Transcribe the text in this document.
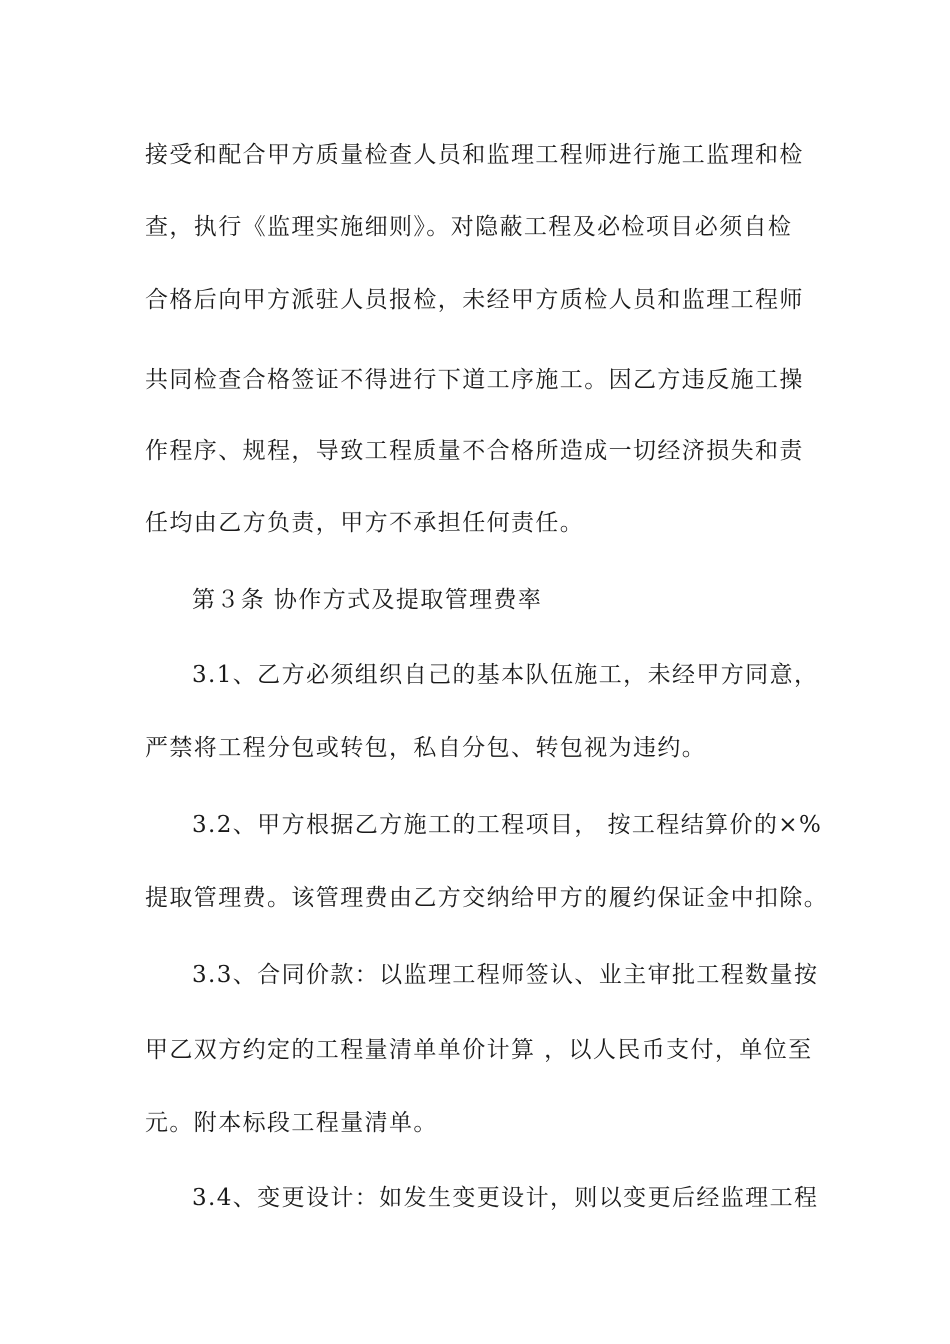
接受和配合甲方质量检查人员和监理工程师进行施工监理和检
查，执行《监理实施细则》。对隐蔽工程及必检项目必须自检
合格后向甲方派驻人员报检，未经甲方质检人员和监理工程师
共同检查合格签证不得进行下道工序施工。因乙方违反施工操
作程序、规程，导致工程质量不合格所造成一切经济损失和责
任均由乙方负责，甲方不承担任何责任。
第３条 协作方式及提取管理费率
3.1、乙方必须组织自己的基本队伍施工，未经甲方同意，
严禁将工程分包或转包，私自分包、转包视为违约。
3.2、甲方根据乙方施工的工程项目， 按工程结算价的×%
提取管理费。该管理费由乙方交纳给甲方的履约保证金中扣除。
3.3、合同价款：以监理工程师签认、业主审批工程数量按
甲乙双方约定的工程量清单单价计算 ，以人民币支付，单位至
元。附本标段工程量清单。
3.4、变更设计：如发生变更设计，则以变更后经监理工程
